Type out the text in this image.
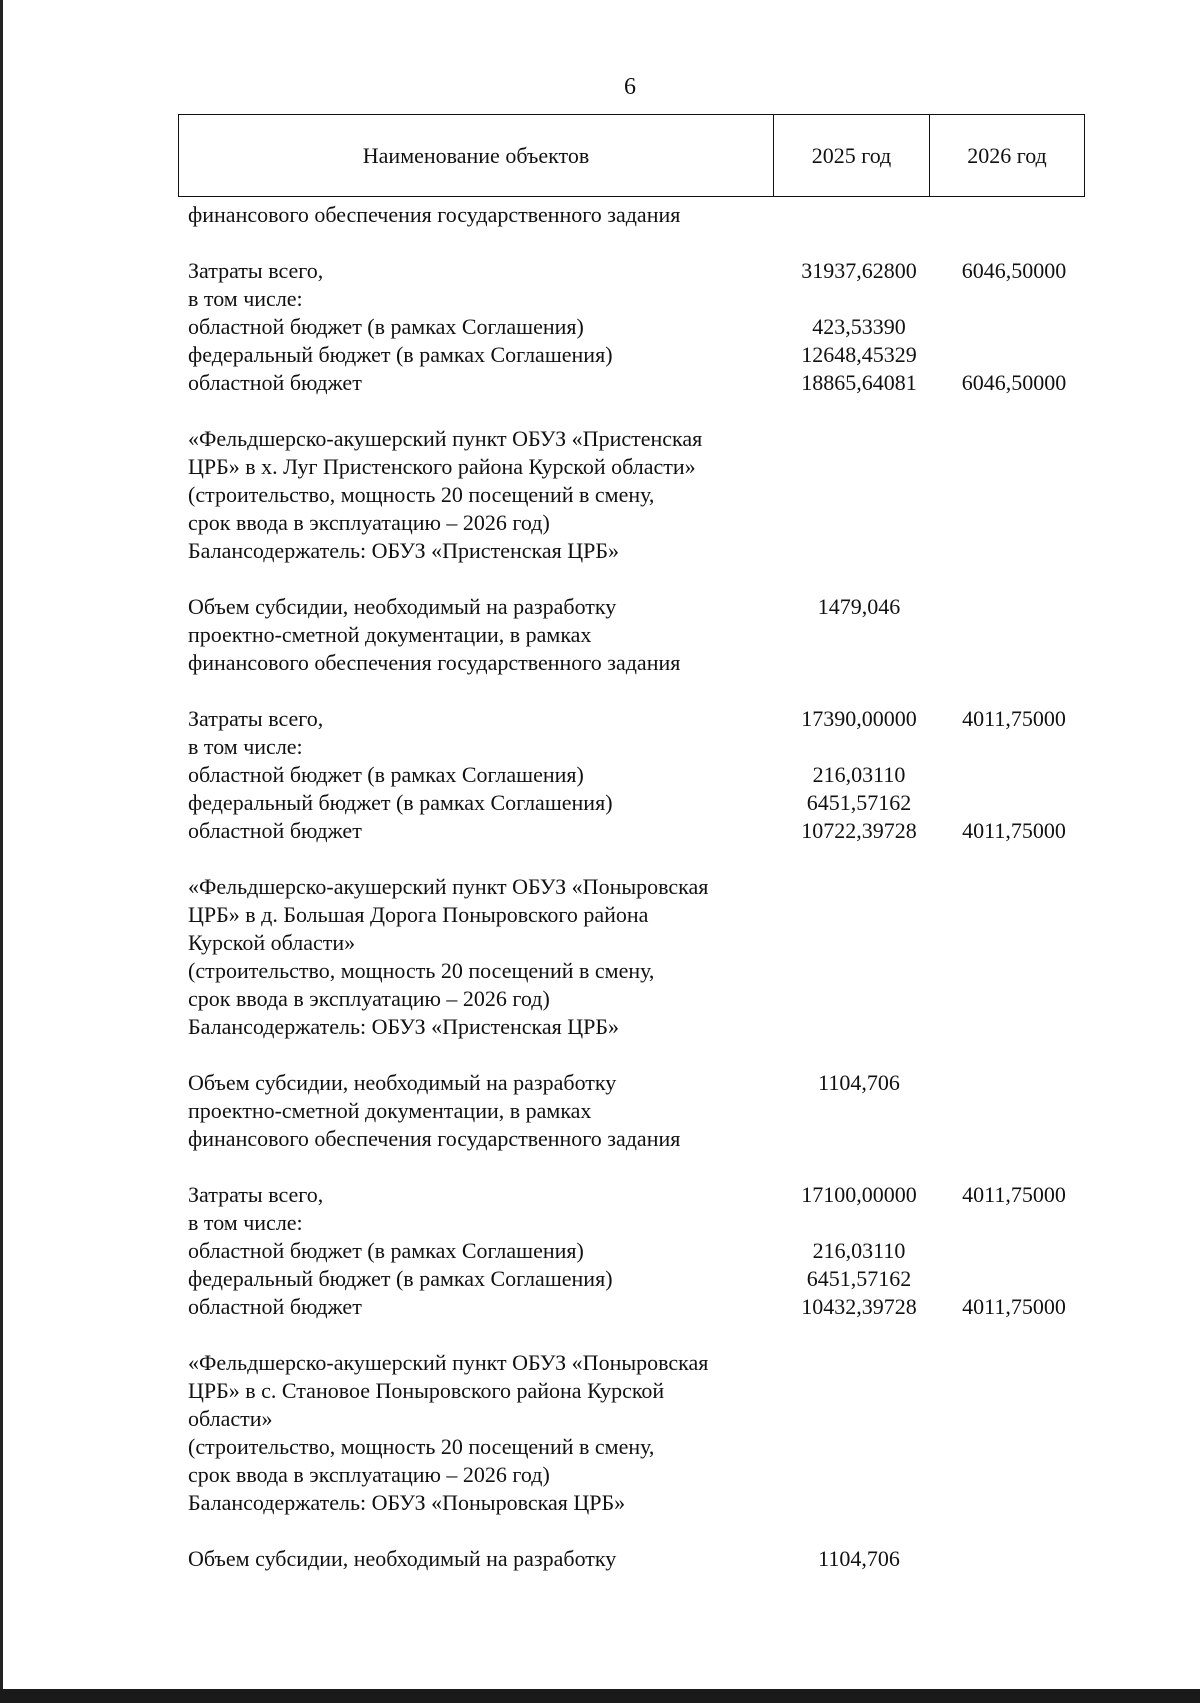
6
Наименование объектов	2025 год	2026 год
финансового обеспечения государственного задания
Затраты всего,	31937,62800	6046,50000
в том числе:
областной бюджет (в рамках Соглашения)	423,53390
федеральный бюджет (в рамках Соглашения)	12648,45329
областной бюджет	18865,64081	6046,50000
«Фельдшерско-акушерский пункт ОБУЗ «Пристенская
ЦРБ» в х. Луг Пристенского района Курской области»
(строительство, мощность 20 посещений в смену,
срок ввода в эксплуатацию – 2026 год)
Балансодержатель: ОБУЗ «Пристенская ЦРБ»
Объем субсидии, необходимый на разработку	1479,046
проектно-сметной документации, в рамках
финансового обеспечения государственного задания
Затраты всего,	17390,00000	4011,75000
в том числе:
областной бюджет (в рамках Соглашения)	216,03110
федеральный бюджет (в рамках Соглашения)	6451,57162
областной бюджет	10722,39728	4011,75000
«Фельдшерско-акушерский пункт ОБУЗ «Поныровская
ЦРБ» в д. Большая Дорога Поныровского района
Курской области»
(строительство, мощность 20 посещений в смену,
срок ввода в эксплуатацию – 2026 год)
Балансодержатель: ОБУЗ «Пристенская ЦРБ»
Объем субсидии, необходимый на разработку	1104,706
проектно-сметной документации, в рамках
финансового обеспечения государственного задания
Затраты всего,	17100,00000	4011,75000
в том числе:
областной бюджет (в рамках Соглашения)	216,03110
федеральный бюджет (в рамках Соглашения)	6451,57162
областной бюджет	10432,39728	4011,75000
«Фельдшерско-акушерский пункт ОБУЗ «Поныровская
ЦРБ» в с. Становое Поныровского района Курской
области»
(строительство, мощность 20 посещений в смену,
срок ввода в эксплуатацию – 2026 год)
Балансодержатель: ОБУЗ «Поныровская ЦРБ»
Объем субсидии, необходимый на разработку	1104,706
